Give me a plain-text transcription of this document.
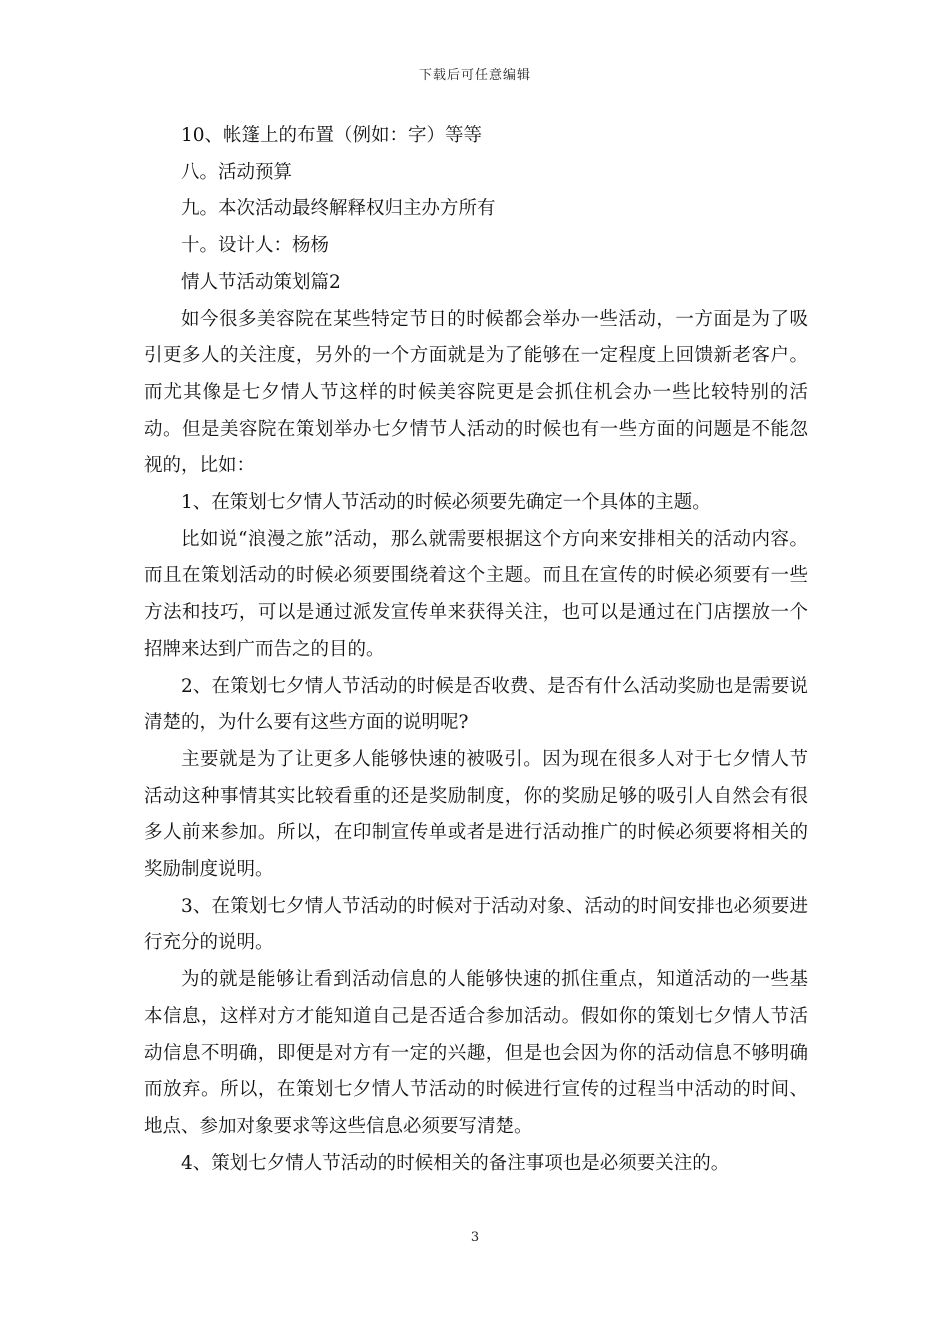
下载后可任意编辑

10、帐篷上的布置（例如：字）等等

八。活动预算

九。本次活动最终解释权归主办方所有

十。设计人：杨杨

情人节活动策划篇2

如今很多美容院在某些特定节日的时候都会举办一些活动，一方面是为了吸引更多人的关注度，另外的一个方面就是为了能够在一定程度上回馈新老客户。而尤其像是七夕情人节这样的时候美容院更是会抓住机会办一些比较特别的活动。但是美容院在策划举办七夕情节人活动的时候也有一些方面的问题是不能忽视的，比如：

1、在策划七夕情人节活动的时候必须要先确定一个具体的主题。

比如说“浪漫之旅”活动，那么就需要根据这个方向来安排相关的活动内容。而且在策划活动的时候必须要围绕着这个主题。而且在宣传的时候必须要有一些方法和技巧，可以是通过派发宣传单来获得关注，也可以是通过在门店摆放一个招牌来达到广而告之的目的。

2、在策划七夕情人节活动的时候是否收费、是否有什么活动奖励也是需要说清楚的，为什么要有这些方面的说明呢?

主要就是为了让更多人能够快速的被吸引。因为现在很多人对于七夕情人节活动这种事情其实比较看重的还是奖励制度，你的奖励足够的吸引人自然会有很多人前来参加。所以，在印制宣传单或者是进行活动推广的时候必须要将相关的奖励制度说明。

3、在策划七夕情人节活动的时候对于活动对象、活动的时间安排也必须要进行充分的说明。

为的就是能够让看到活动信息的人能够快速的抓住重点，知道活动的一些基本信息，这样对方才能知道自己是否适合参加活动。假如你的策划七夕情人节活动信息不明确，即便是对方有一定的兴趣，但是也会因为你的活动信息不够明确而放弃。所以，在策划七夕情人节活动的时候进行宣传的过程当中活动的时间、地点、参加对象要求等这些信息必须要写清楚。

4、策划七夕情人节活动的时候相关的备注事项也是必须要关注的。

3
